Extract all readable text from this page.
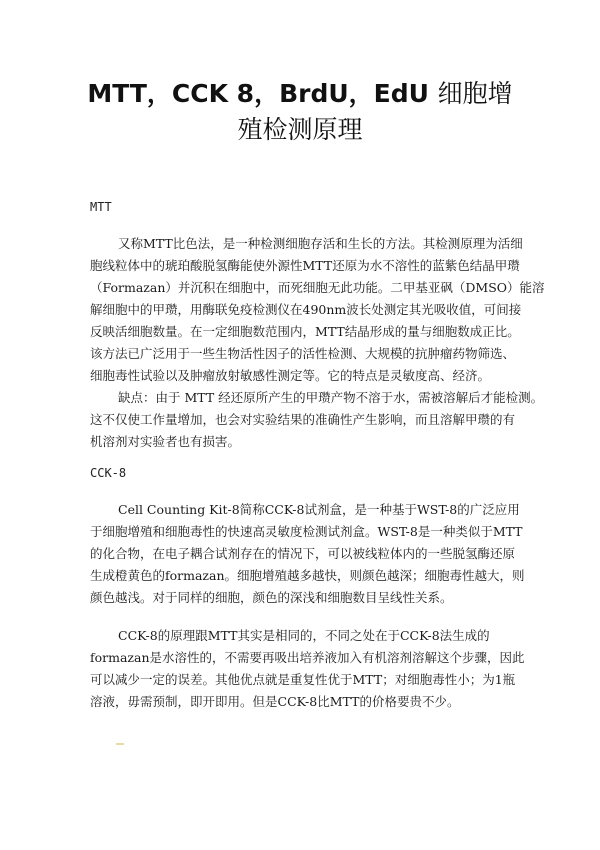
MTT，CCK 8，BrdU，EdU 细胞增
殖检测原理
MTT
又称MTT比色法，是一种检测细胞存活和生长的方法。其检测原理为活细
胞线粒体中的琥珀酸脱氢酶能使外源性MTT还原为水不溶性的蓝紫色结晶甲瓒
（Formazan）并沉积在细胞中，而死细胞无此功能。二甲基亚砜（DMSO）能溶
解细胞中的甲瓒，用酶联免疫检测仪在490nm波长处测定其光吸收值，可间接
反映活细胞数量。在一定细胞数范围内，MTT结晶形成的量与细胞数成正比。
该方法已广泛用于一些生物活性因子的活性检测、大规模的抗肿瘤药物筛选、
细胞毒性试验以及肿瘤放射敏感性测定等。它的特点是灵敏度高、经济。
缺点：由于 MTT 经还原所产生的甲瓒产物不溶于水，需被溶解后才能检测。
这不仅使工作量增加，也会对实验结果的准确性产生影响，而且溶解甲瓒的有
机溶剂对实验者也有损害。
CCK-8
Cell Counting Kit-8简称CCK-8试剂盒，是一种基于WST-8的广泛应用
于细胞增殖和细胞毒性的快速高灵敏度检测试剂盒。WST-8是一种类似于MTT
的化合物，在电子耦合试剂存在的情况下，可以被线粒体内的一些脱氢酶还原
生成橙黄色的formazan。细胞增殖越多越快，则颜色越深；细胞毒性越大，则
颜色越浅。对于同样的细胞，颜色的深浅和细胞数目呈线性关系。
CCK-8的原理跟MTT其实是相同的，不同之处在于CCK-8法生成的
formazan是水溶性的，不需要再吸出培养液加入有机溶剂溶解这个步骤，因此
可以减少一定的误差。其他优点就是重复性优于MTT；对细胞毒性小；为1瓶
溶液，毋需预制，即开即用。但是CCK-8比MTT的价格要贵不少。
